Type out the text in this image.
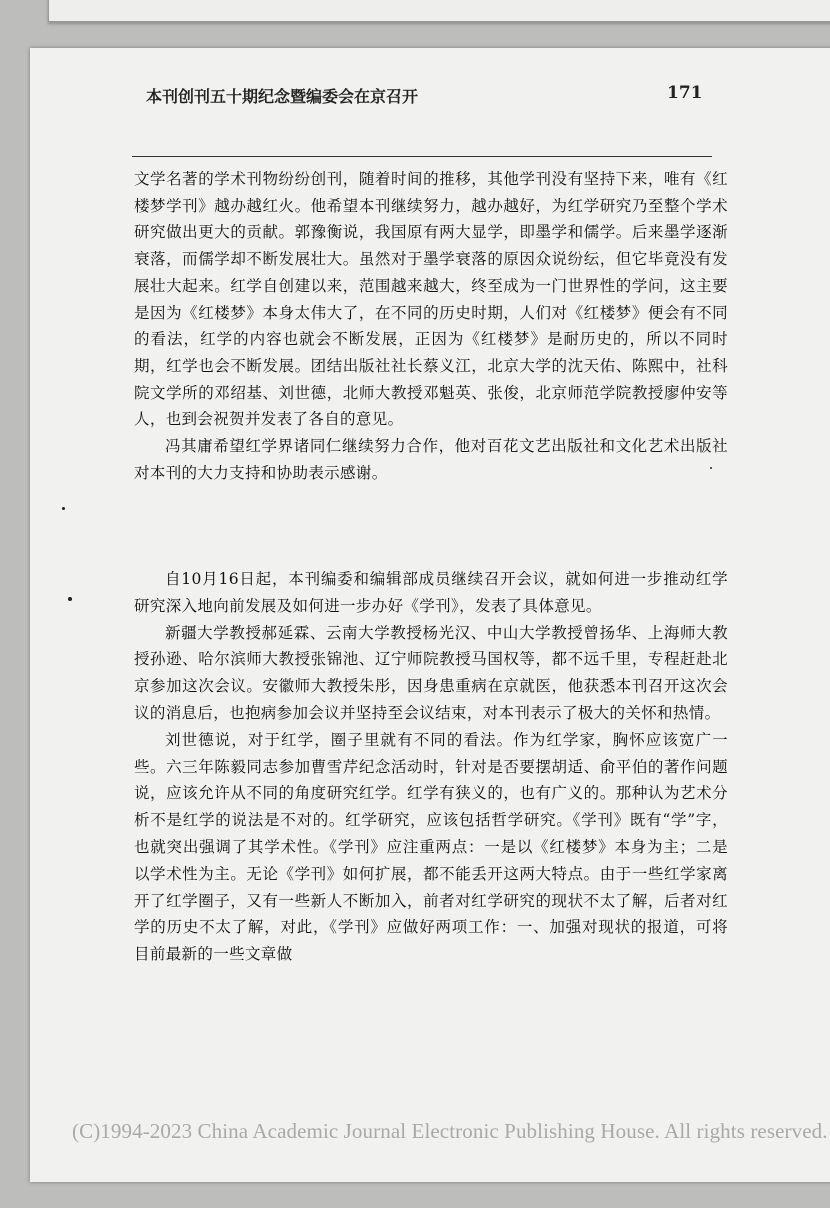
本刊创刊五十期纪念暨编委会在京召开	171

文学名著的学术刊物纷纷创刊，随着时间的推移，其他学刊没有坚持下来，唯有《红楼梦学刊》越办越红火。他希望本刊继续努力，越办越好，为红学研究乃至整个学术研究做出更大的贡献。郭豫衡说，我国原有两大显学，即墨学和儒学。后来墨学逐渐衰落，而儒学却不断发展壮大。虽然对于墨学衰落的原因众说纷纭，但它毕竟没有发展壮大起来。红学自创建以来，范围越来越大，终至成为一门世界性的学问，这主要是因为《红楼梦》本身太伟大了，在不同的历史时期，人们对《红楼梦》便会有不同的看法，红学的内容也就会不断发展，正因为《红楼梦》是耐历史的，所以不同时期，红学也会不断发展。团结出版社社长蔡义江，北京大学的沈天佑、陈熙中，社科院文学所的邓绍基、刘世德，北师大教授邓魁英、张俊，北京师范学院教授廖仲安等人，也到会祝贺并发表了各自的意见。

冯其庸希望红学界诸同仁继续努力合作，他对百花文艺出版社和文化艺术出版社对本刊的大力支持和协助表示感谢。

自10月16日起，本刊编委和编辑部成员继续召开会议，就如何进一步推动红学研究深入地向前发展及如何进一步办好《学刊》，发表了具体意见。

新疆大学教授郝延霖、云南大学教授杨光汉、中山大学教授曾扬华、上海师大教授孙逊、哈尔滨师大教授张锦池、辽宁师院教授马国权等，都不远千里，专程赶赴北京参加这次会议。安徽师大教授朱彤，因身患重病在京就医，他获悉本刊召开这次会议的消息后，也抱病参加会议并坚持至会议结束，对本刊表示了极大的关怀和热情。

刘世德说，对于红学，圈子里就有不同的看法。作为红学家，胸怀应该宽广一些。六三年陈毅同志参加曹雪芹纪念活动时，针对是否要摆胡适、俞平伯的著作问题说，应该允许从不同的角度研究红学。红学有狭义的，也有广义的。那种认为艺术分析不是红学的说法是不对的。红学研究，应该包括哲学研究。《学刊》既有“学”字，也就突出强调了其学术性。《学刊》应注重两点：一是以《红楼梦》本身为主；二是以学术性为主。无论《学刊》如何扩展，都不能丢开这两大特点。由于一些红学家离开了红学圈子，又有一些新人不断加入，前者对红学研究的现状不太了解，后者对红学的历史不太了解，对此，《学刊》应做好两项工作：一、加强对现状的报道，可将目前最新的一些文章做

(C)1994-2023 China Academic Journal Electronic Publishing House. All rights reserved.
